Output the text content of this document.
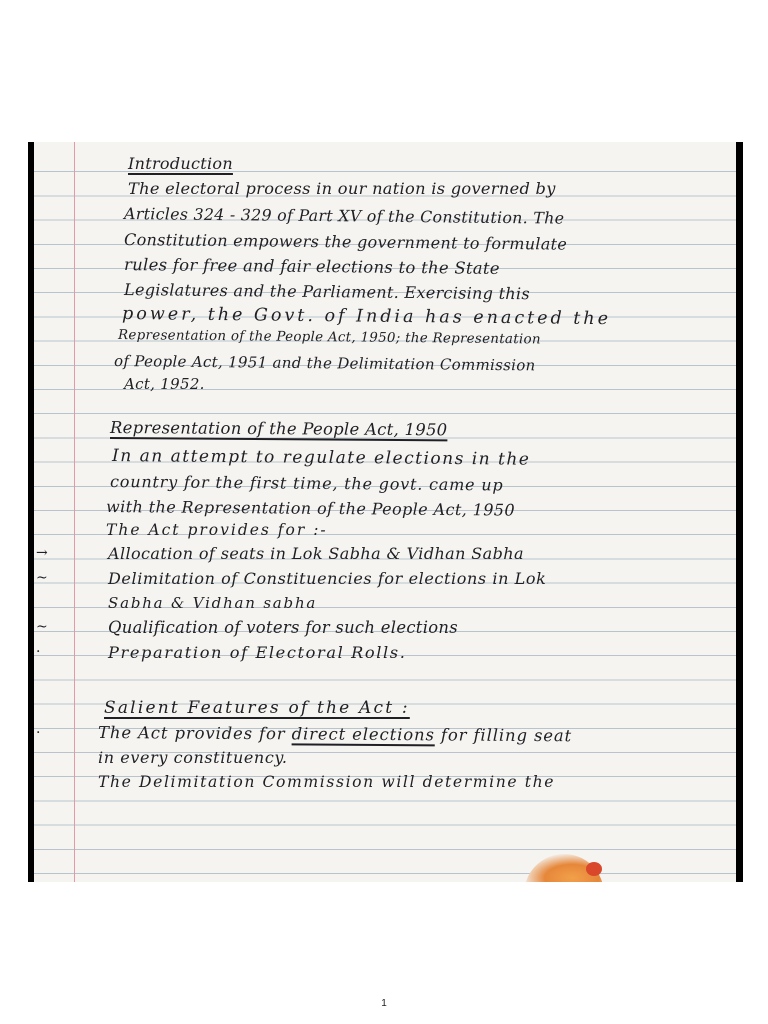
Introduction
The electoral process in our nation is governed by
Articles 324 - 329 of Part XV of the Constitution. The
Constitution empowers the government to formulate
rules for free and fair elections to the State
Legislatures and the Parliament. Exercising this
power, the Govt. of India has enacted the
Representation of the People Act, 1950; the Representation
of People Act, 1951 and the Delimitation Commission
Act, 1952.
Representation of the People Act, 1950
In an attempt to regulate elections in the
country for the first time, the govt. came up
with the Representation of the People Act, 1950
The Act provides for :-
→	Allocation of seats in Lok Sabha & Vidhan Sabha
~	Delimitation of Constituencies for elections in Lok
Sabha & Vidhan sabha
~	Qualification of voters for such elections
·	Preparation of Electoral Rolls.
Salient Features of the Act :
·	The Act provides for direct elections for filling seat
in every constituency.
The Delimitation Commission will determine the
1
